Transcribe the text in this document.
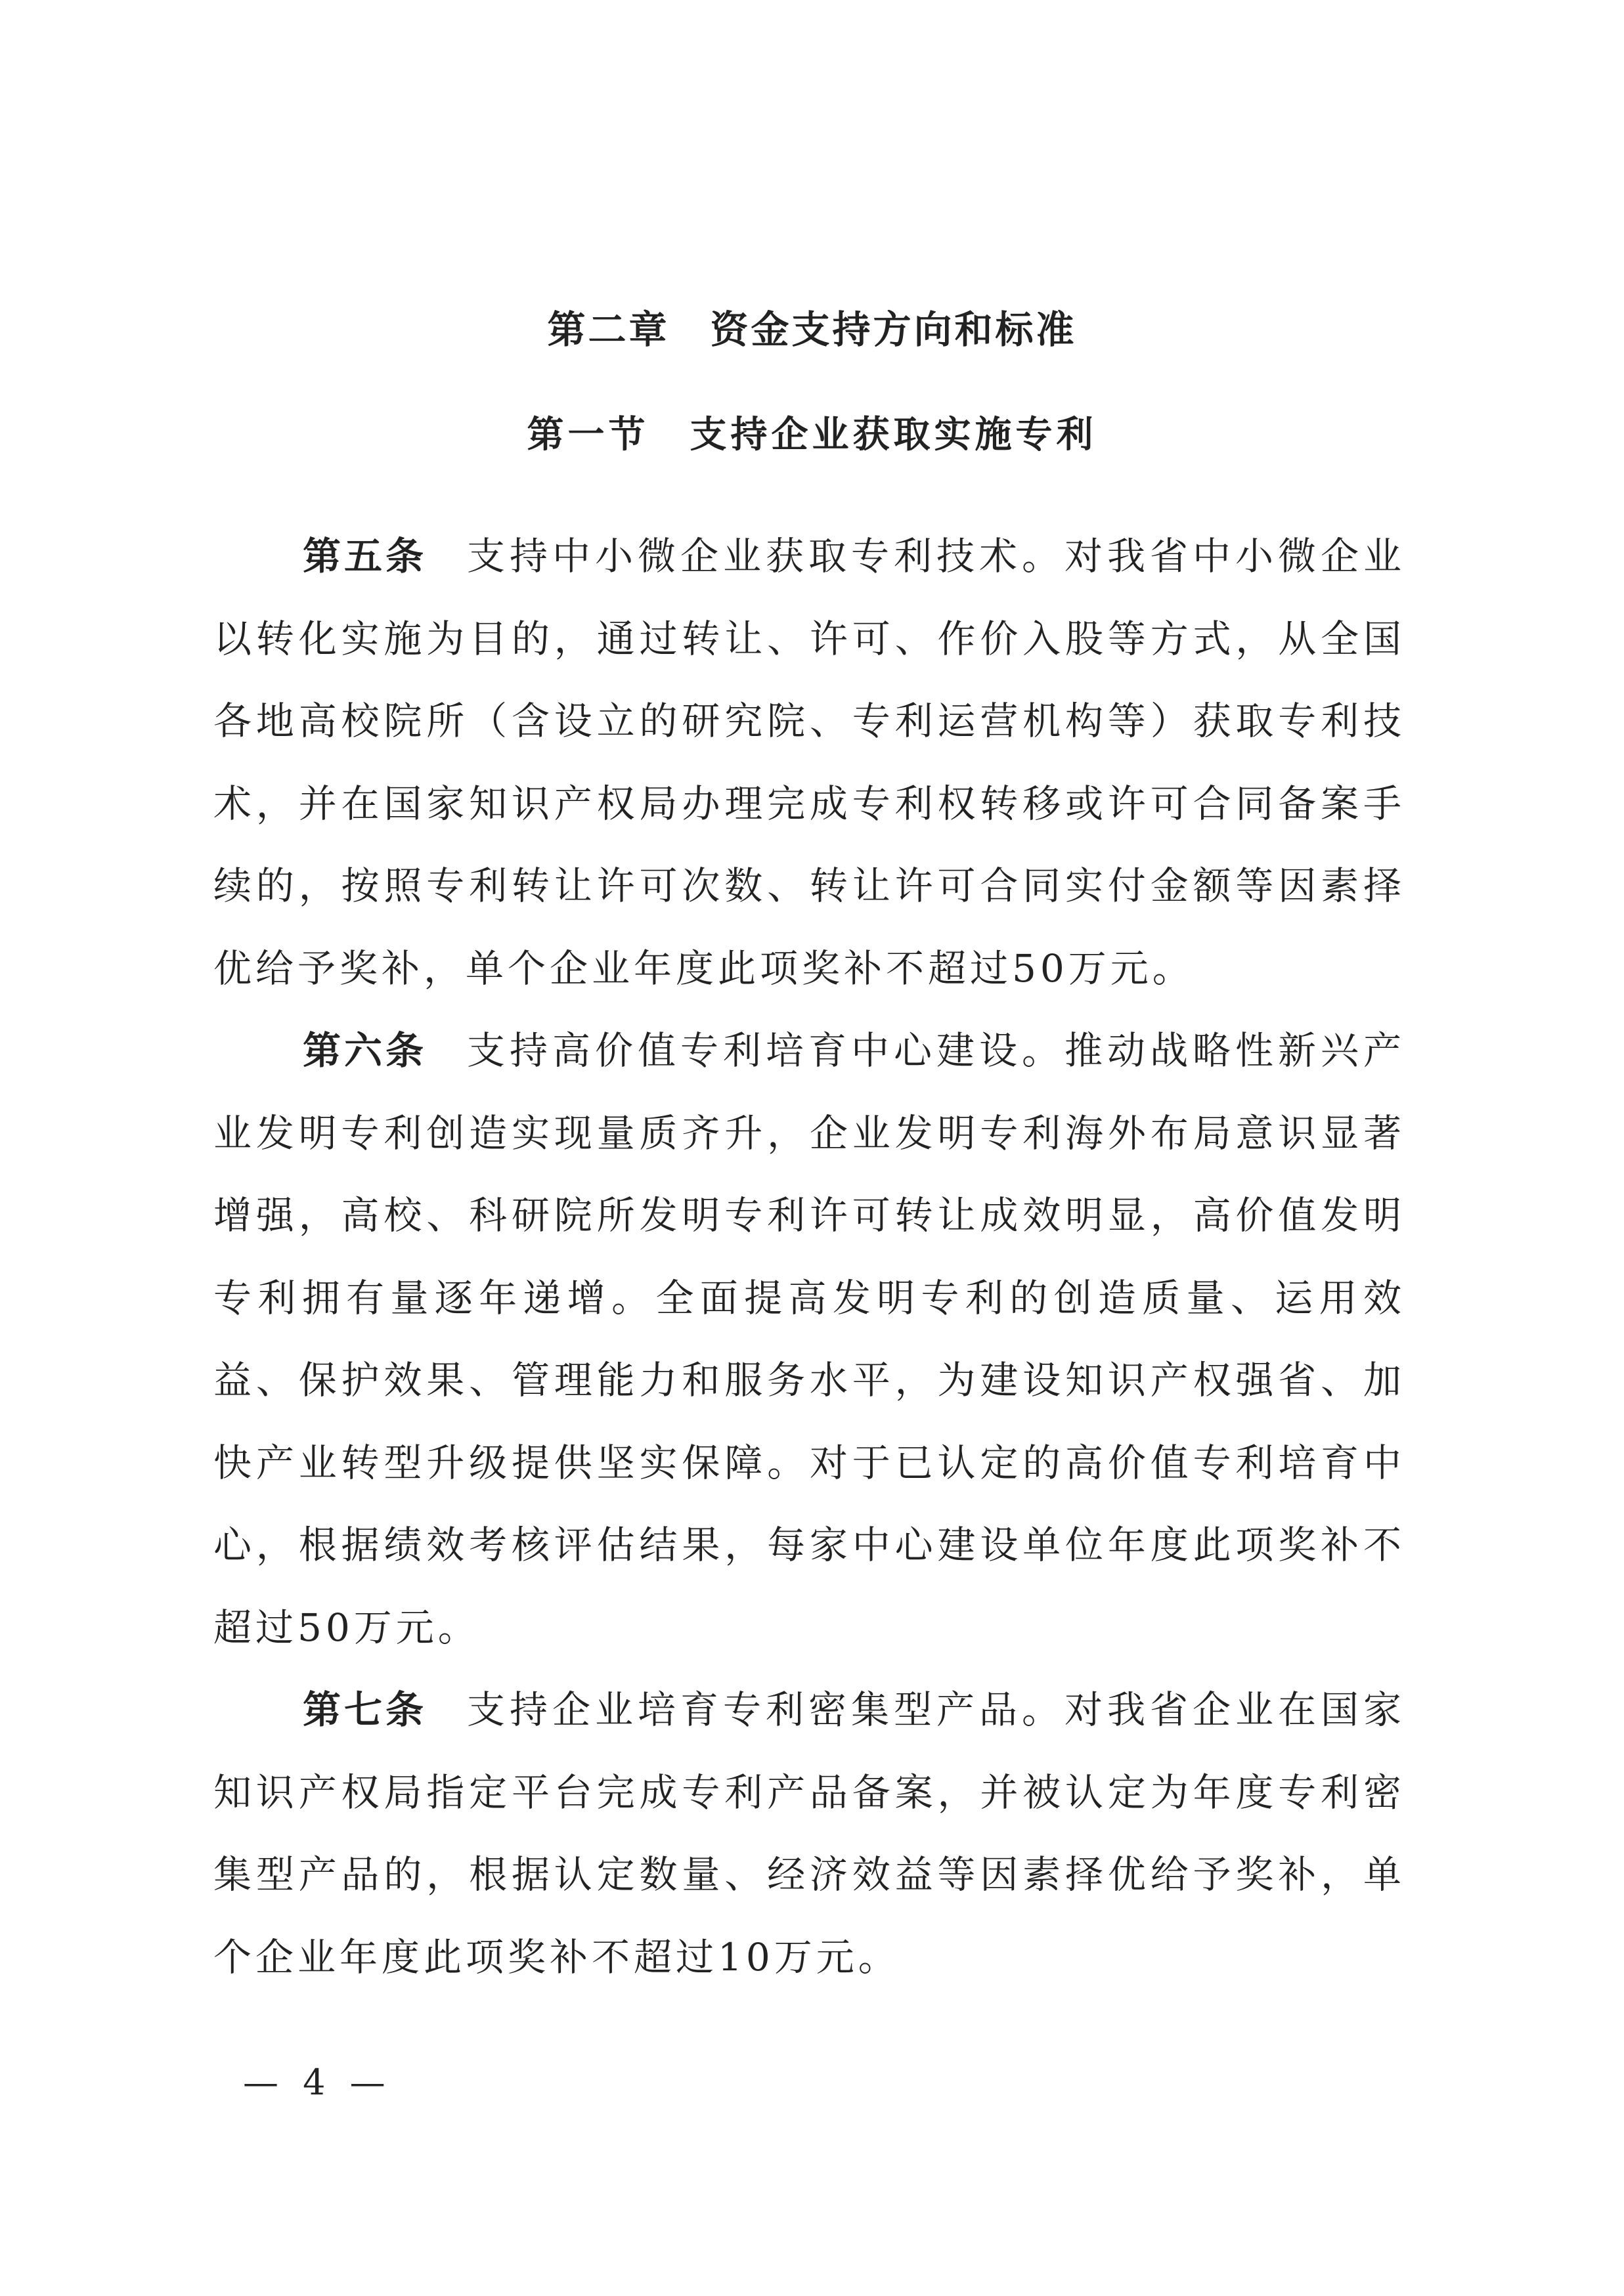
第二章　资金支持方向和标准
第一节　支持企业获取实施专利

第五条 支持中小微企业获取专利技术。对我省中小微企业以转化实施为目的，通过转让、许可、作价入股等方式，从全国各地高校院所（含设立的研究院、专利运营机构等）获取专利技术，并在国家知识产权局办理完成专利权转移或许可合同备案手续的，按照专利转让许可次数、转让许可合同实付金额等因素择优给予奖补，单个企业年度此项奖补不超过50万元。

第六条 支持高价值专利培育中心建设。推动战略性新兴产业发明专利创造实现量质齐升，企业发明专利海外布局意识显著增强，高校、科研院所发明专利许可转让成效明显，高价值发明专利拥有量逐年递增。全面提高发明专利的创造质量、运用效益、保护效果、管理能力和服务水平，为建设知识产权强省、加快产业转型升级提供坚实保障。对于已认定的高价值专利培育中心，根据绩效考核评估结果，每家中心建设单位年度此项奖补不超过50万元。

第七条 支持企业培育专利密集型产品。对我省企业在国家知识产权局指定平台完成专利产品备案，并被认定为年度专利密集型产品的，根据认定数量、经济效益等因素择优给予奖补，单个企业年度此项奖补不超过10万元。

— 4 —
